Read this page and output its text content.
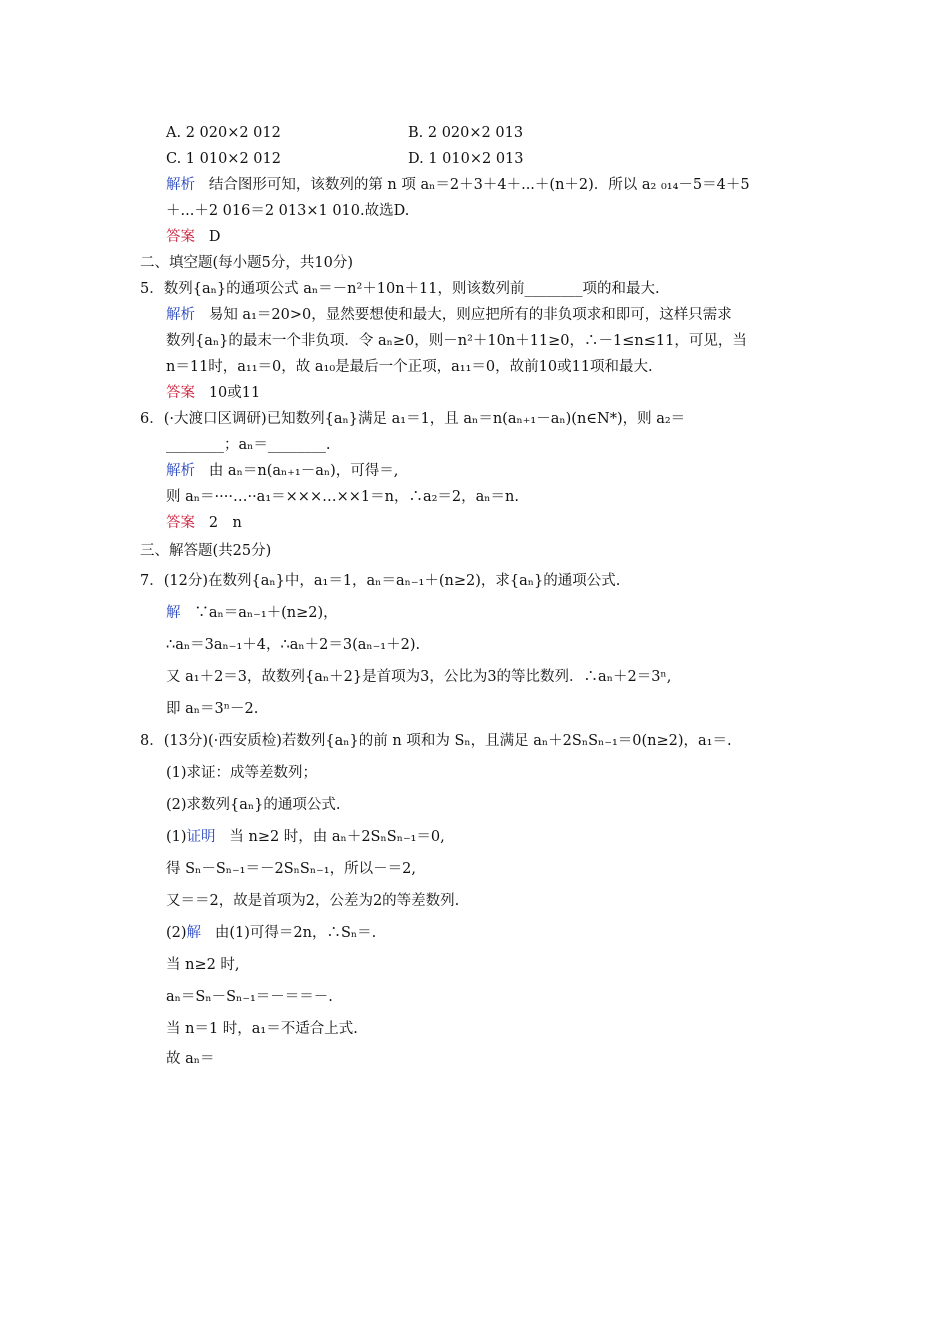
A. 2 020×2 012	B. 2 020×2 013
C. 1 010×2 012	D. 1 010×2 013
解析 结合图形可知，该数列的第 n 项 aₙ＝2＋3＋4＋...＋(n＋2)．所以 a₂ ₀₁₄－5＝4＋5
＋...＋2 016＝2 013×1 010.故选D.
答案 D
二、填空题(每小题5分，共10分)
5．数列{aₙ}的通项公式 aₙ＝－n²＋10n＋11，则该数列前________项的和最大.
解析 易知 a₁＝20>0，显然要想使和最大，则应把所有的非负项求和即可，这样只需求
数列{aₙ}的最末一个非负项．令 aₙ≥0，则－n²＋10n＋11≥0，∴－1≤n≤11，可见，当
n＝11时，a₁₁＝0，故 a₁₀是最后一个正项，a₁₁＝0，故前10或11项和最大.
答案 10或11
6．(·大渡口区调研)已知数列{aₙ}满足 a₁＝1，且 aₙ＝n(aₙ₊₁－aₙ)(n∈N*)，则 a₂＝
________；aₙ＝________.
解析 由 aₙ＝n(aₙ₊₁－aₙ)，可得＝,
则 aₙ＝····…··a₁＝×××…××1＝n，∴a₂＝2，aₙ＝n.
答案 2　n
三、解答题(共25分)
7．(12分)在数列{aₙ}中，a₁＝1，aₙ＝aₙ₋₁＋(n≥2)，求{aₙ}的通项公式.
解 ∵aₙ＝aₙ₋₁＋(n≥2)，
∴aₙ＝3aₙ₋₁＋4，∴aₙ＋2＝3(aₙ₋₁＋2).
又 a₁＋2＝3，故数列{aₙ＋2}是首项为3，公比为3的等比数列．∴aₙ＋2＝3ⁿ,
即 aₙ＝3ⁿ－2.
8．(13分)(·西安质检)若数列{aₙ}的前 n 项和为 Sₙ，且满足 aₙ＋2SₙSₙ₋₁＝0(n≥2)，a₁＝.
(1)求证：成等差数列；
(2)求数列{aₙ}的通项公式.
(1)证明 当 n≥2 时，由 aₙ＋2SₙSₙ₋₁＝0,
得 Sₙ－Sₙ₋₁＝－2SₙSₙ₋₁，所以－＝2,
又＝＝2，故是首项为2，公差为2的等差数列.
(2)解 由(1)可得＝2n，∴Sₙ＝.
当 n≥2 时,
aₙ＝Sₙ－Sₙ₋₁＝－＝＝－.
当 n＝1 时，a₁＝不适合上式.
故 aₙ＝
